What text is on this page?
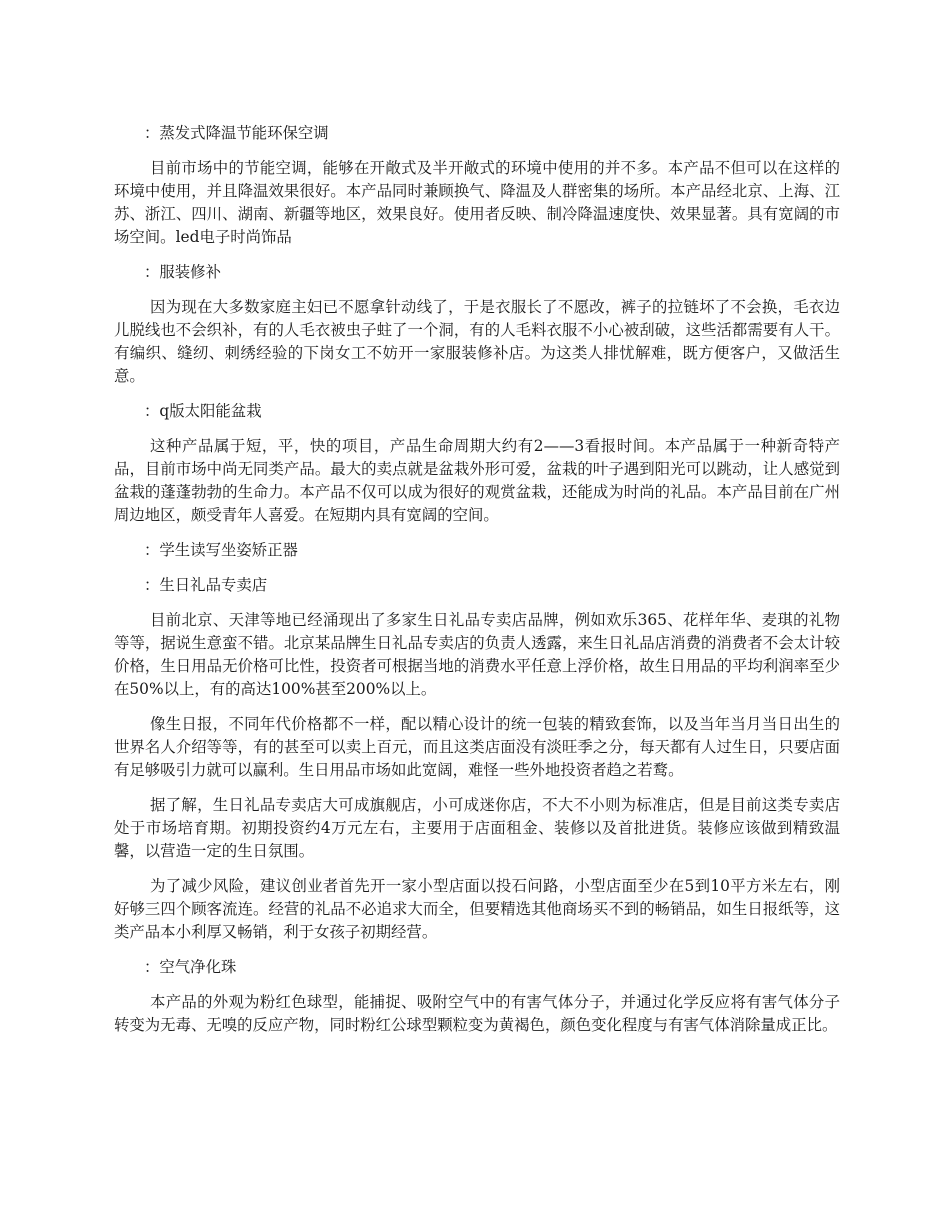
：蒸发式降温节能环保空调

目前市场中的节能空调，能够在开敞式及半开敞式的环境中使用的并不多。本产品不但可以在这样的环境中使用，并且降温效果很好。本产品同时兼顾换气、降温及人群密集的场所。本产品经北京、上海、江苏、浙江、四川、湖南、新疆等地区，效果良好。使用者反映、制冷降温速度快、效果显著。具有宽阔的市场空间。led电子时尚饰品

：服装修补

因为现在大多数家庭主妇已不愿拿针动线了，于是衣服长了不愿改，裤子的拉链坏了不会换，毛衣边儿脱线也不会织补，有的人毛衣被虫子蛀了一个洞，有的人毛料衣服不小心被刮破，这些活都需要有人干。有编织、缝纫、刺绣经验的下岗女工不妨开一家服装修补店。为这类人排忧解难，既方便客户，又做活生意。

：q版太阳能盆栽

这种产品属于短，平，快的项目，产品生命周期大约有2——3看报时间。本产品属于一种新奇特产品，目前市场中尚无同类产品。最大的卖点就是盆栽外形可爱，盆栽的叶子遇到阳光可以跳动，让人感觉到盆栽的蓬蓬勃勃的生命力。本产品不仅可以成为很好的观赏盆栽，还能成为时尚的礼品。本产品目前在广州周边地区，颇受青年人喜爱。在短期内具有宽阔的空间。

：学生读写坐姿矫正器
：生日礼品专卖店

目前北京、天津等地已经涌现出了多家生日礼品专卖店品牌，例如欢乐365、花样年华、麦琪的礼物等等，据说生意蛮不错。北京某品牌生日礼品专卖店的负责人透露，来生日礼品店消费的消费者不会太计较价格，生日用品无价格可比性，投资者可根据当地的消费水平任意上浮价格，故生日用品的平均利润率至少在50%以上，有的高达100%甚至200%以上。

像生日报，不同年代价格都不一样，配以精心设计的统一包装的精致套饰，以及当年当月当日出生的世界名人介绍等等，有的甚至可以卖上百元，而且这类店面没有淡旺季之分，每天都有人过生日，只要店面有足够吸引力就可以赢利。生日用品市场如此宽阔，难怪一些外地投资者趋之若鹜。

据了解，生日礼品专卖店大可成旗舰店，小可成迷你店，不大不小则为标准店，但是目前这类专卖店处于市场培育期。初期投资约4万元左右，主要用于店面租金、装修以及首批进货。装修应该做到精致温馨，以营造一定的生日氛围。

为了减少风险，建议创业者首先开一家小型店面以投石问路，小型店面至少在5到10平方米左右，刚好够三四个顾客流连。经营的礼品不必追求大而全，但要精选其他商场买不到的畅销品，如生日报纸等，这类产品本小利厚又畅销，利于女孩子初期经营。

：空气净化珠

本产品的外观为粉红色球型，能捕捉、吸附空气中的有害气体分子，并通过化学反应将有害气体分子转变为无毒、无嗅的反应产物，同时粉红公球型颗粒变为黄褐色，颜色变化程度与有害气体消除量成正比。
